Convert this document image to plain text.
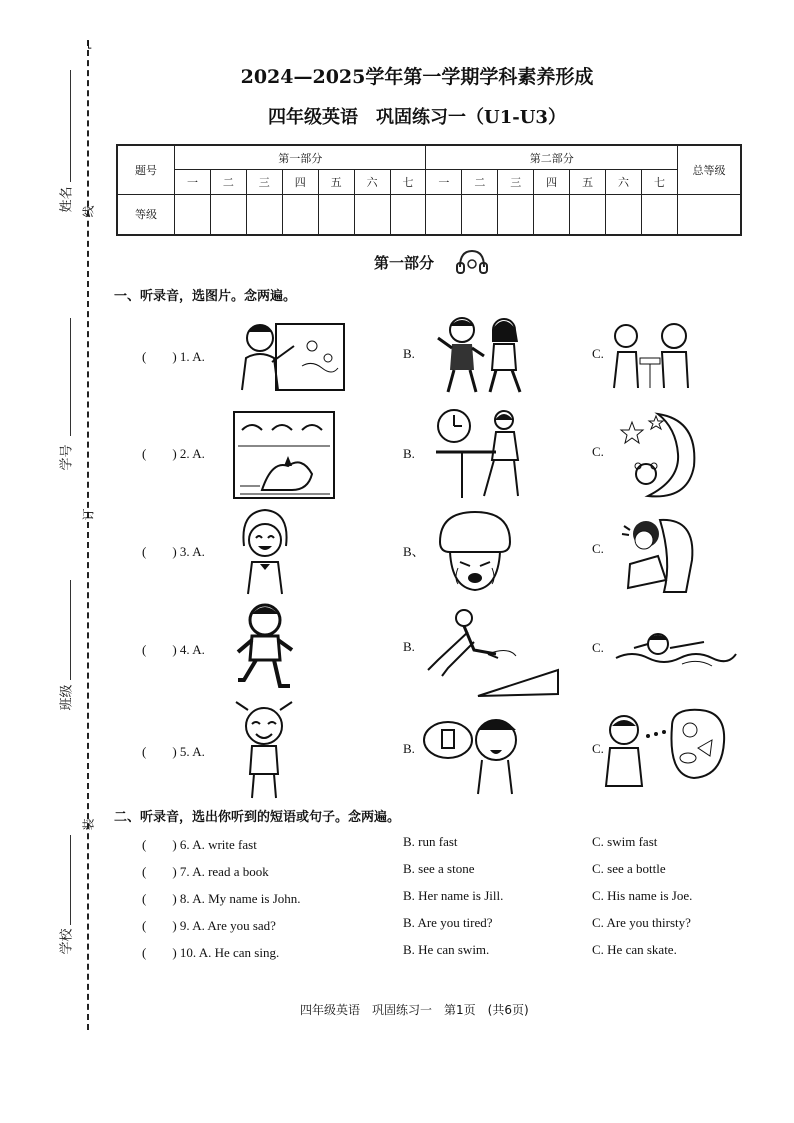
⌐
姓名 线
学号
订
班级
装
学校
2024—2025学年第一学期学科素养形成
四年级英语　巩固练习一（U1-U3）
题号	第一部分							第二部分							总等级
	一	二	三	四	五	六	七	一	二	三	四	五	六	七	
等级															
第一部分
一、听录音，选图片。念两遍。
(　　) 1. A.	B.	C.
(　　) 2. A.	B.	C.
(　　) 3. A.	B、	C.
(　　) 4. A.	B.	C.
(　　) 5. A.	B.	C.
二、听录音，选出你听到的短语或句子。念两遍。
(　　) 6. A. write fast	B. run fast	C. swim fast
(　　) 7. A. read a book	B. see a stone	C. see a bottle
(　　) 8. A. My name is John.	B. Her name is Jill.	C. His name is Joe.
(　　) 9. A. Are you sad?	B. Are you tired?	C. Are you thirsty?
(　　) 10. A. He can sing.	B. He can swim.	C. He can skate.
四年级英语　巩固练习一　第1页　(共6页)
